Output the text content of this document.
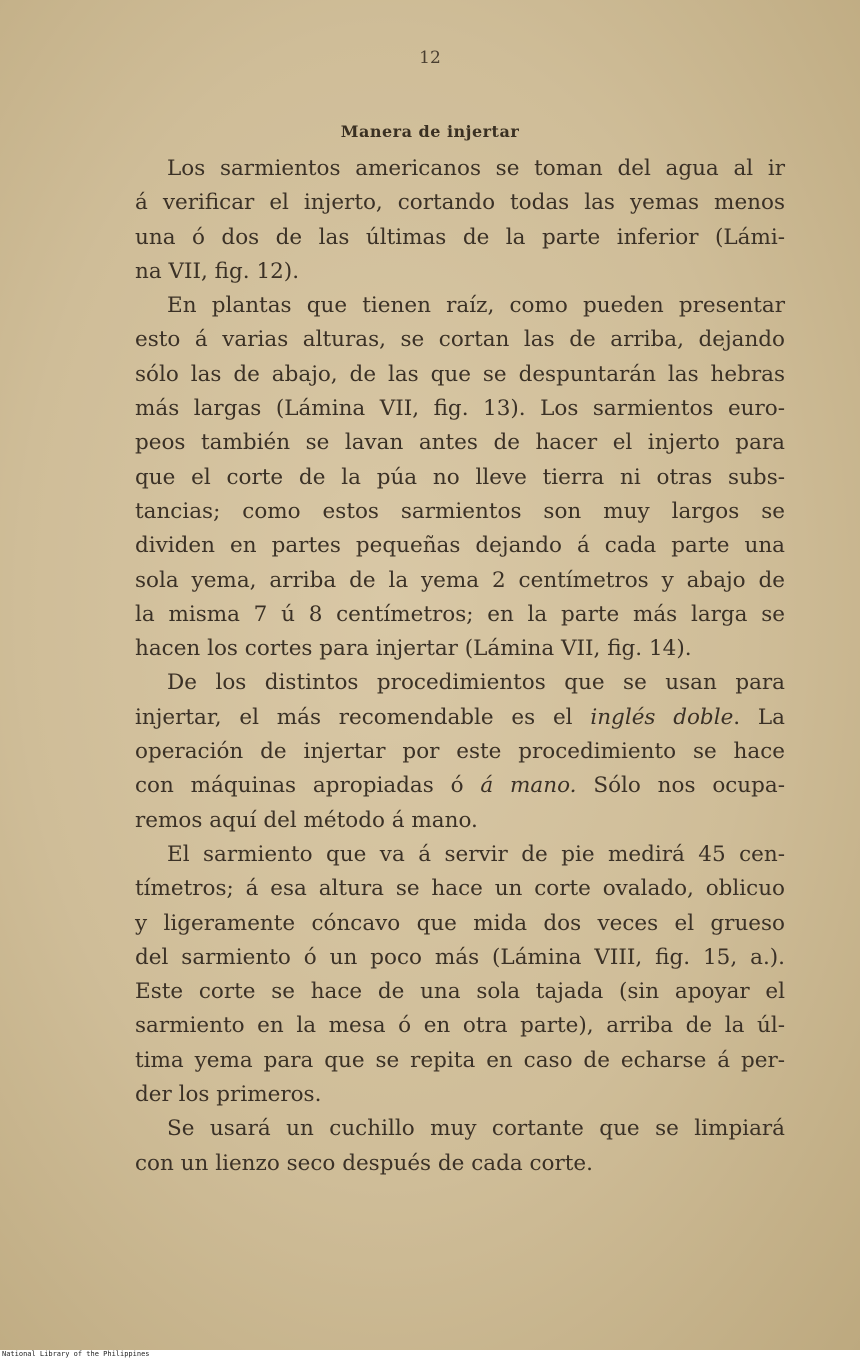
12
Manera de injertar

Los sarmientos americanos se toman del agua al ir
á verificar el injerto, cortando todas las yemas menos
una ó dos de las últimas de la parte inferior (Lámi-
na VII, fig. 12).

En plantas que tienen raíz, como pueden presentar
esto á varias alturas, se cortan las de arriba, dejando
sólo las de abajo, de las que se despuntarán las hebras
más largas (Lámina VII, fig. 13). Los sarmientos euro-
peos también se lavan antes de hacer el injerto para
que el corte de la púa no lleve tierra ni otras subs-
tancias; como estos sarmientos son muy largos se
dividen en partes pequeñas dejando á cada parte una
sola yema, arriba de la yema 2 centímetros y abajo de
la misma 7 ú 8 centímetros; en la parte más larga se
hacen los cortes para injertar (Lámina VII, fig. 14).

De los distintos procedimientos que se usan para
injertar, el más recomendable es el inglés doble. La
operación de injertar por este procedimiento se hace
con máquinas apropiadas ó á mano. Sólo nos ocupa-
remos aquí del método á mano.

El sarmiento que va á servir de pie medirá 45 cen-
tímetros; á esa altura se hace un corte ovalado, oblicuo
y ligeramente cóncavo que mida dos veces el grueso
del sarmiento ó un poco más (Lámina VIII, fig. 15, a.).
Este corte se hace de una sola tajada (sin apoyar el
sarmiento en la mesa ó en otra parte), arriba de la úl-
tima yema para que se repita en caso de echarse á per-
der los primeros.

Se usará un cuchillo muy cortante que se limpiará
con un lienzo seco después de cada corte.

National Library of the Philippines
